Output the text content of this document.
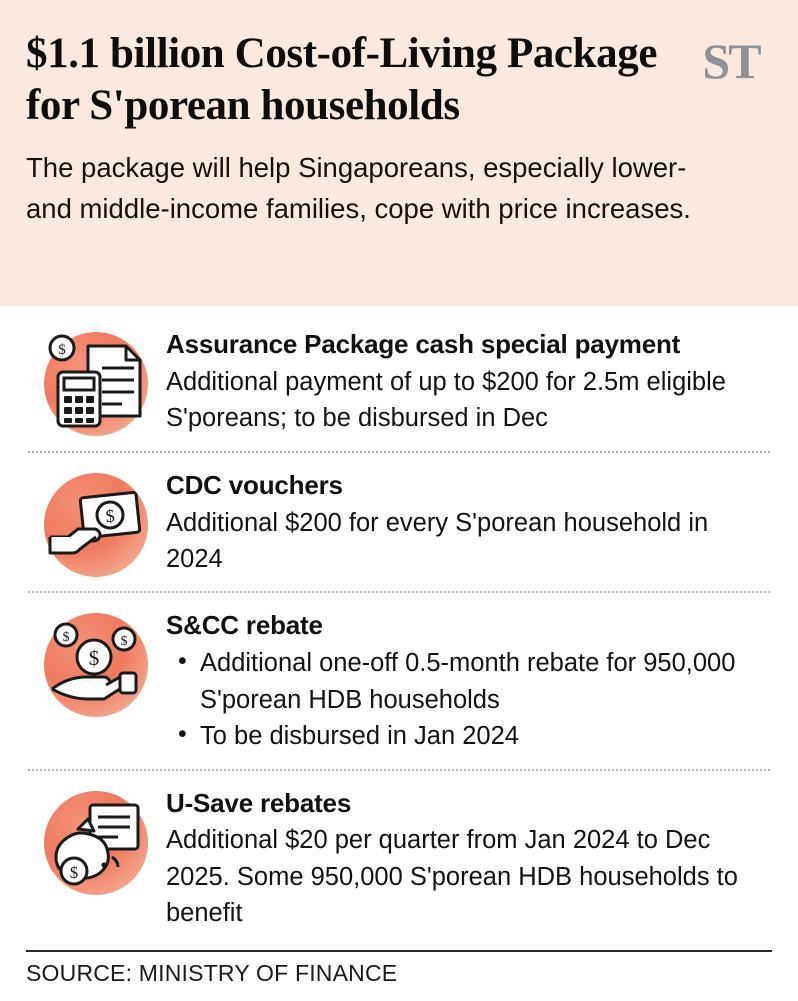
$1.1 billion Cost-of-Living Package for S'porean households
The package will help Singaporeans, especially lower- and middle-income families, cope with price increases.
ST
$	Assurance Package cash special payment
Additional payment of up to $200 for 2.5m eligible S'poreans; to be disbursed in Dec
$
CDC vouchers
Additional $200 for every S'porean household in 2024
$	$
$
S&CC rebate
• Additional one-off 0.5-month rebate for 950,000 S'porean HDB households
• To be disbursed in Jan 2024
$
U-Save rebates
Additional $20 per quarter from Jan 2024 to Dec 2025. Some 950,000 S'porean HDB households to benefit
SOURCE: MINISTRY OF FINANCE
